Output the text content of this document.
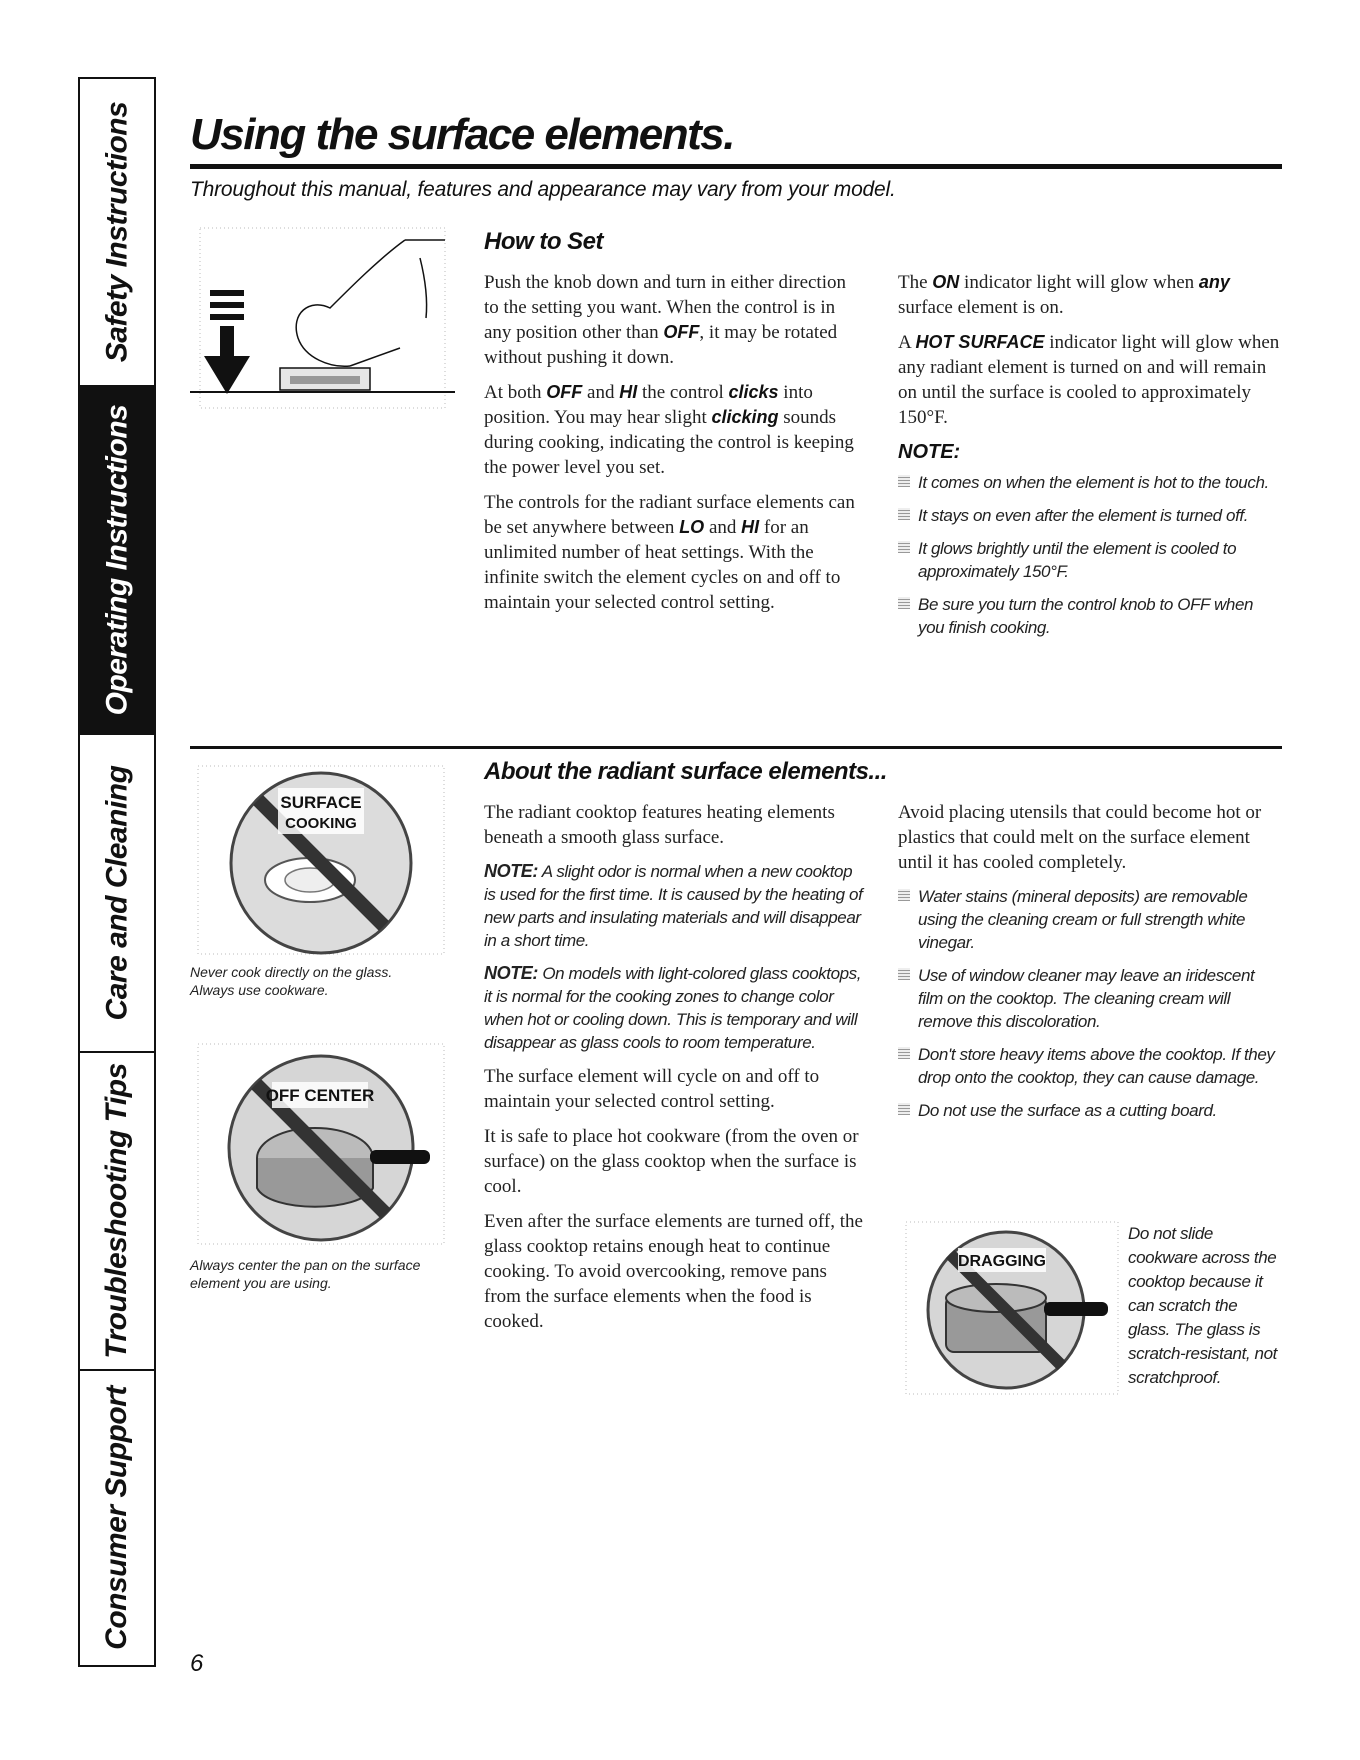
Safety Instructions
Operating Instructions
Care and Cleaning
Troubleshooting Tips
Consumer Support
Using the surface elements.
Throughout this manual, features and appearance may vary from your model.
How to Set

Push the knob down and turn in either direction to the setting you want. When the control is in any position other than OFF, it may be rotated without pushing it down.

At both OFF and HI the control clicks into position. You may hear slight clicking sounds during cooking, indicating the control is keeping the power level you set.

The controls for the radiant surface elements can be set anywhere between LO and HI for an unlimited number of heat settings. With the infinite switch the element cycles on and off to maintain your selected control setting.

The ON indicator light will glow when any surface element is on.

A HOT SURFACE indicator light will glow when any radiant element is turned on and will remain on until the surface is cooled to approximately 150°F.

NOTE:
It comes on when the element is hot to the touch.
It stays on even after the element is turned off.
It glows brightly until the element is cooled to approximately 150°F.
Be sure you turn the control knob to OFF when you finish cooking.
About the radiant surface elements...
SURFACE
COOKING
Never cook directly on the glass.
Always use cookware.
OFF CENTER
Always center the pan on the surface element you are using.

The radiant cooktop features heating elements beneath a smooth glass surface.

NOTE: A slight odor is normal when a new cooktop is used for the first time. It is caused by the heating of new parts and insulating materials and will disappear in a short time.

NOTE: On models with light-colored glass cooktops, it is normal for the cooking zones to change color when hot or cooling down. This is temporary and will disappear as glass cools to room temperature.

The surface element will cycle on and off to maintain your selected control setting.

It is safe to place hot cookware (from the oven or surface) on the glass cooktop when the surface is cool.

Even after the surface elements are turned off, the glass cooktop retains enough heat to continue cooking. To avoid overcooking, remove pans from the surface elements when the food is cooked.

Avoid placing utensils that could become hot or plastics that could melt on the surface element until it has cooled completely.

Water stains (mineral deposits) are removable using the cleaning cream or full strength white vinegar.
Use of window cleaner may leave an iridescent film on the cooktop. The cleaning cream will remove this discoloration.
Don't store heavy items above the cooktop. If they drop onto the cooktop, they can cause damage.
Do not use the surface as a cutting board.
DRAGGING
Do not slide cookware across the cooktop because it can scratch the glass. The glass is scratch-resistant, not scratchproof.
6
